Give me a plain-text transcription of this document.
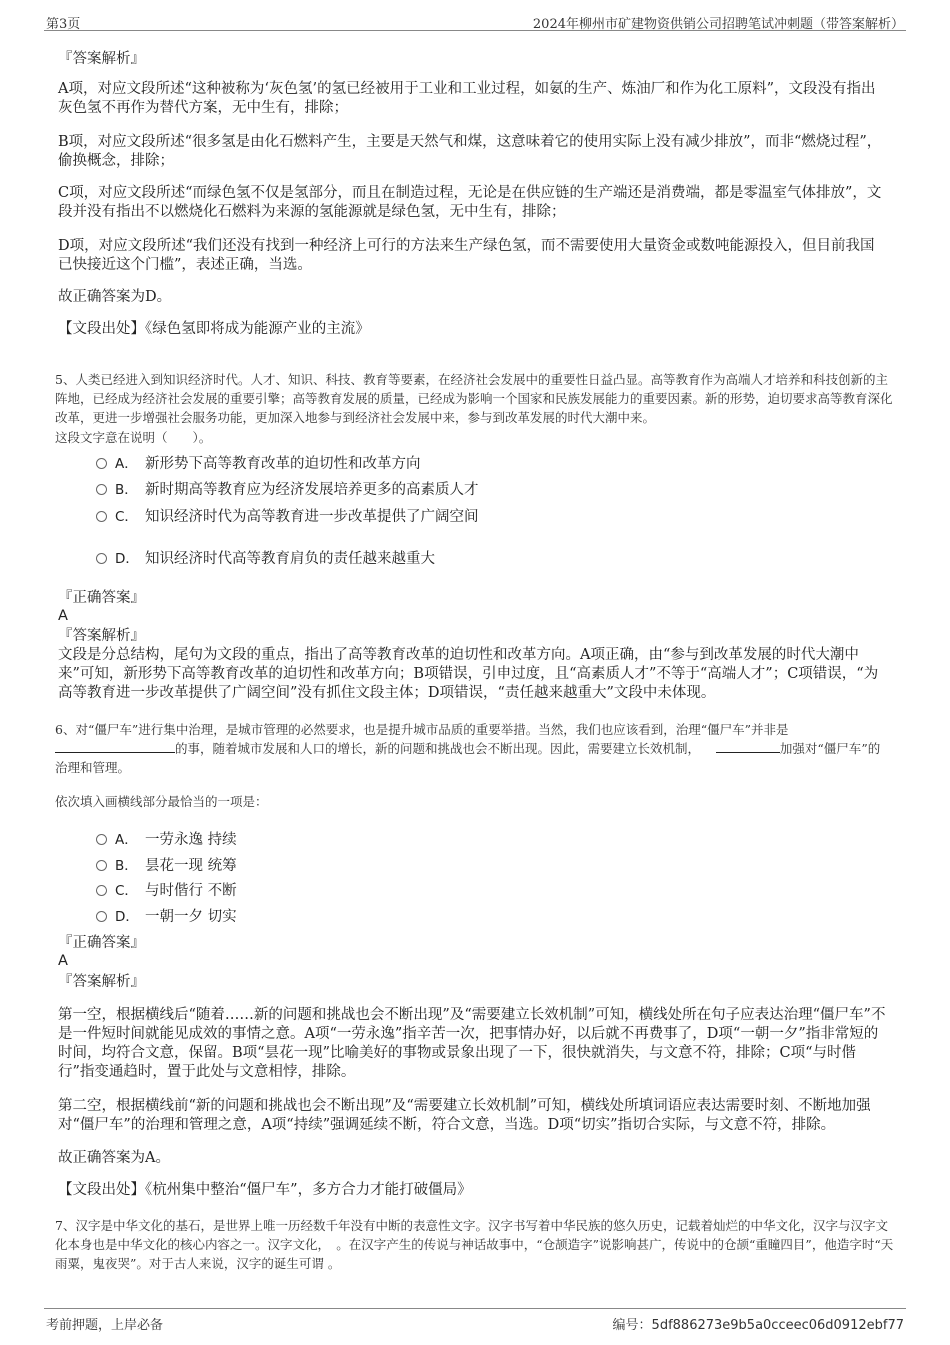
第3页	2024年柳州市矿建物资供销公司招聘笔试冲刺题（带答案解析）
『答案解析』
A项，对应文段所述“这种被称为‘灰色氢’的氢已经被用于工业和工业过程，如氨的生产、炼油厂和作为化工原料”，文段没有指出灰色氢不再作为替代方案，无中生有，排除；
B项，对应文段所述“很多氢是由化石燃料产生，主要是天然气和煤，这意味着它的使用实际上没有减少排放”，而非“燃烧过程”，偷换概念，排除；
C项，对应文段所述“而绿色氢不仅是氢部分，而且在制造过程，无论是在供应链的生产端还是消费端，都是零温室气体排放”，文段并没有指出不以燃烧化石燃料为来源的氢能源就是绿色氢，无中生有，排除；
D项，对应文段所述“我们还没有找到一种经济上可行的方法来生产绿色氢，而不需要使用大量资金或数吨能源投入，但目前我国已快接近这个门槛”，表述正确，当选。
故正确答案为D。
【文段出处】《绿色氢即将成为能源产业的主流》
5、人类已经进入到知识经济时代。人才、知识、科技、教育等要素，在经济社会发展中的重要性日益凸显。高等教育作为高端人才培养和科技创新的主阵地，已经成为经济社会发展的重要引擎；高等教育发展的质量，已经成为影响一个国家和民族发展能力的重要因素。新的形势，迫切要求高等教育深化改革，更进一步增强社会服务功能，更加深入地参与到经济社会发展中来，参与到改革发展的时代大潮中来。
这段文字意在说明（　　）。
A． 新形势下高等教育改革的迫切性和改革方向
B． 新时期高等教育应为经济发展培养更多的高素质人才
C． 知识经济时代为高等教育进一步改革提供了广阔空间
D． 知识经济时代高等教育肩负的责任越来越重大
『正确答案』
A
『答案解析』
文段是分总结构，尾句为文段的重点，指出了高等教育改革的迫切性和改革方向。A项正确，由“参与到改革发展的时代大潮中来”可知，新形势下高等教育改革的迫切性和改革方向；B项错误，引申过度，且“高素质人才”不等于“高端人才”；C项错误，“为高等教育进一步改革提供了广阔空间”没有抓住文段主体；D项错误，“责任越来越重大”文段中未体现。
6、对“僵尸车”进行集中治理，是城市管理的必然要求，也是提升城市品质的重要举措。当然，我们也应该看到，治理“僵尸车”并非是
的事，随着城市发展和人口的增长，新的问题和挑战也会不断出现。因此，需要建立长效机制，	加强对“僵尸车”的
治理和管理。
依次填入画横线部分最恰当的一项是：
A． 一劳永逸 持续
B． 昙花一现 统筹
C． 与时偕行 不断
D． 一朝一夕 切实
『正确答案』
A
『答案解析』
第一空，根据横线后“随着……新的问题和挑战也会不断出现”及“需要建立长效机制”可知，横线处所在句子应表达治理“僵尸车”不是一件短时间就能见成效的事情之意。A项“一劳永逸”指辛苦一次，把事情办好，以后就不再费事了，D项“一朝一夕”指非常短的时间，均符合文意，保留。B项“昙花一现”比喻美好的事物或景象出现了一下，很快就消失，与文意不符，排除；C项“与时偕行”指变通趋时，置于此处与文意相悖，排除。
第二空，根据横线前“新的问题和挑战也会不断出现”及“需要建立长效机制”可知，横线处所填词语应表达需要时刻、不断地加强对“僵尸车”的治理和管理之意，A项“持续”强调延续不断，符合文意，当选。D项“切实”指切合实际，与文意不符，排除。
故正确答案为A。
【文段出处】《杭州集中整治“僵尸车”，多方合力才能打破僵局》
7、汉字是中华文化的基石，是世界上唯一历经数千年没有中断的表意性文字。汉字书写着中华民族的悠久历史，记载着灿烂的中华文化，汉字与汉字文化本身也是中华文化的核心内容之一。汉字文化，　。在汉字产生的传说与神话故事中，“仓颉造字”说影响甚广，传说中的仓颉“重瞳四目”，他造字时“天雨粟，鬼夜哭”。对于古人来说，汉字的诞生可谓 。
考前押题，上岸必备	编号：5df886273e9b5a0cceec06d0912ebf77
